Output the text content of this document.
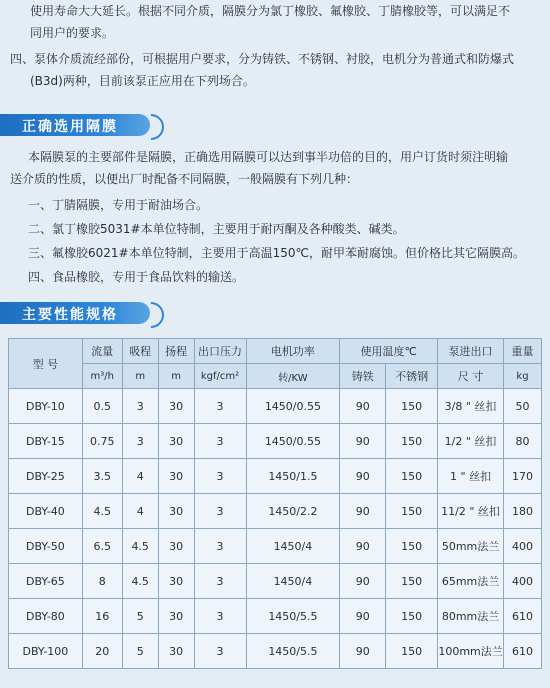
使用寿命大大延长。根据不同介质，隔膜分为氯丁橡胶、氟橡胶、丁腈橡胶等，可以满足不
同用户的要求。
四、泵体介质流经部份，可根据用户要求，分为铸铁、不锈钢、衬胶，电机分为普通式和防爆式
(B3d)两种，目前该泵正应用在下列场合。
正确选用隔膜
本隔膜泵的主要部件是隔膜，正确选用隔膜可以达到事半功倍的目的，用户订货时须注明输
送介质的性质，以便出厂时配备不同隔膜，一般隔膜有下列几种：
一、丁腈隔膜，专用于耐油场合。
二、氯丁橡胶5031#本单位特制，主要用于耐丙酮及各种酸类、碱类。
三、氟橡胶6021#本单位特制，主要用于高温150℃，耐甲苯耐腐蚀。但价格比其它隔膜高。
四、食品橡胶，专用于食品饮料的输送。
主要性能规格
型 号	流量	吸程	扬程	出口压力	电机功率	使用温度℃		泵进出口	重量
	m³/h	m	m	kgf/cm²	转/KW	铸铁	不锈钢	尺 寸	kg
DBY-10	0.5	3	30	3	1450/0.55	90	150	3/8 " 丝扣	50
DBY-15	0.75	3	30	3	1450/0.55	90	150	1/2 " 丝扣	80
DBY-25	3.5	4	30	3	1450/1.5	90	150	1 " 丝扣	170
DBY-40	4.5	4	30	3	1450/2.2	90	150	11/2 " 丝扣	180
DBY-50	6.5	4.5	30	3	1450/4	90	150	50mm法兰	400
DBY-65	8	4.5	30	3	1450/4	90	150	65mm法兰	400
DBY-80	16	5	30	3	1450/5.5	90	150	80mm法兰	610
DBY-100	20	5	30	3	1450/5.5	90	150	100mm法兰	610
